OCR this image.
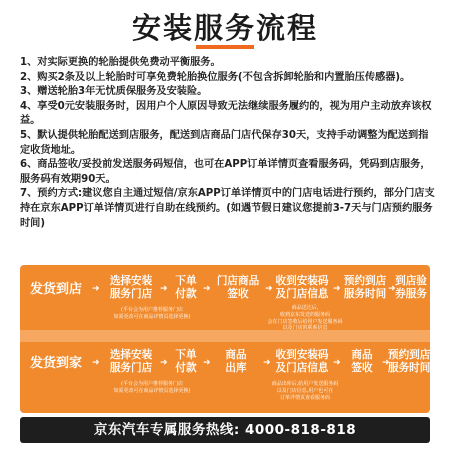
安装服务流程

1、对实际更换的轮胎提供免费动平衡服务。

2、购买2条及以上轮胎时可享免费轮胎换位服务(不包含拆卸轮胎和内置胎压传感器)。

3、赠送轮胎3年无忧质保服务及安装险。

4、享受0元安装服务时，因用户个人原因导致无法继续服务履约的，视为用户主动放弃该权益。

5、默认提供轮胎配送到店服务，配送到店商品门店代保存30天，支持手动调整为配送到指定收货地址。

6、商品签收/妥投前发送服务码短信，也可在APP订单详情页查看服务码，凭码到店服务，服务码有效期90天。

7、预约方式:建议您自主通过短信/京东APP订单详情页中的门店电话进行预约，部分门店支持在京东APP订单详情页进行自助在线预约。(如遇节假日建议您提前3-7天与门店预约服务时间)

发货到店	➜
选择安装
服务门店 ➜
下单
付款 ➜
门店商品
签收	➜
收到安装码
及门店信息 ➜
预约到店
服务时间 ➜
到店验
券服务
(平台会为用户推荐服务门店
如需更改可在商品详情页选择更换)
商品送达后,
收到京东发送的服务码
会在门店签收后给用户发送服务码
以及门店的联系信息
发货到家	➜
选择安装
服务门店 ➜
下单
付款 ➜
商品
出库	➜
收到安装码
及门店信息 ➜
商品
签收	➜
预约到店
服务时间
(平台会为用户推荐服务门店
如需更改可在商品详情页选择更换)
商品出库后,给用户发送服务码
以及门店信息,用户也可在
订单详情页查看服务码
京东汽车专属服务热线: 4000-818-818
